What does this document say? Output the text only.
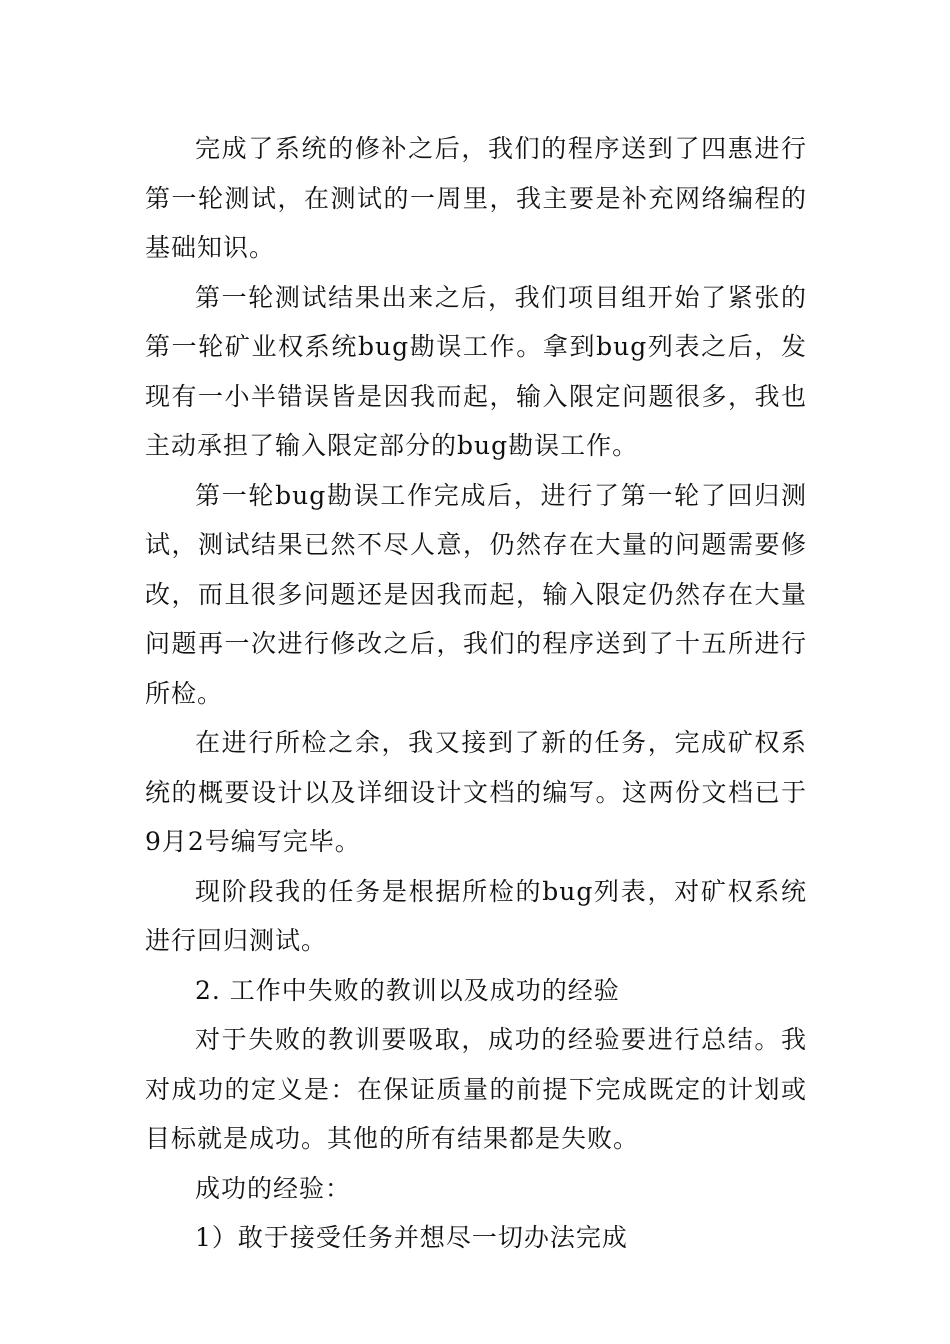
完成了系统的修补之后，我们的程序送到了四惠进行第一轮测试，在测试的一周里，我主要是补充网络编程的基础知识。

第一轮测试结果出来之后，我们项目组开始了紧张的第一轮矿业权系统bug勘误工作。拿到bug列表之后，发现有一小半错误皆是因我而起，输入限定问题很多，我也主动承担了输入限定部分的bug勘误工作。

第一轮bug勘误工作完成后，进行了第一轮了回归测试，测试结果已然不尽人意，仍然存在大量的问题需要修改，而且很多问题还是因我而起，输入限定仍然存在大量问题再一次进行修改之后，我们的程序送到了十五所进行所检。

在进行所检之余，我又接到了新的任务，完成矿权系统的概要设计以及详细设计文档的编写。这两份文档已于9月2号编写完毕。

现阶段我的任务是根据所检的bug列表，对矿权系统进行回归测试。

2. 工作中失败的教训以及成功的经验

对于失败的教训要吸取，成功的经验要进行总结。我对成功的定义是：在保证质量的前提下完成既定的计划或目标就是成功。其他的所有结果都是失败。

成功的经验：

1）敢于接受任务并想尽一切办法完成
